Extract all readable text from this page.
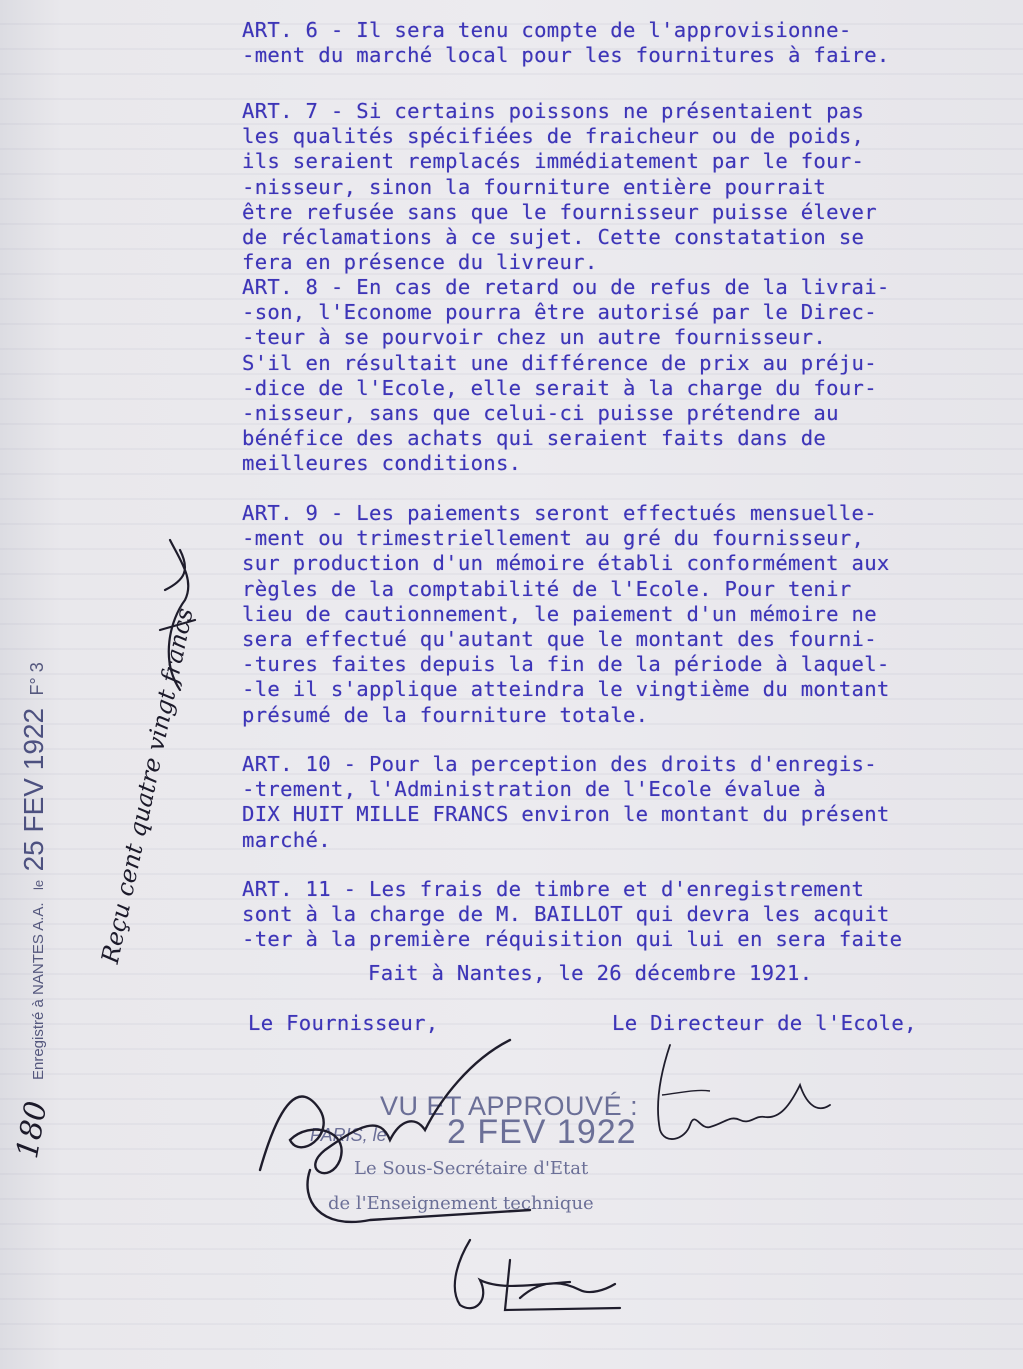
ART. 6 - Il sera tenu compte de l'approvisionne-
-ment du marché local pour les fournitures à faire.
ART. 7 - Si certains poissons ne présentaient pas
les qualités spécifiées de fraicheur ou de poids,
ils seraient remplacés immédiatement par le four-
-nisseur, sinon la fourniture entière pourrait
être refusée sans que le fournisseur puisse élever
de réclamations à ce sujet. Cette constatation se
fera en présence du livreur.
ART. 8 - En cas de retard ou de refus de la livrai-
-son, l'Econome pourra être autorisé par le Direc-
-teur à se pourvoir chez un autre fournisseur.
S'il en résultait une différence de prix au préju-
-dice de l'Ecole, elle serait à la charge du four-
-nisseur, sans que celui-ci puisse prétendre au
bénéfice des achats qui seraient faits dans de
meilleures conditions.
ART. 9 - Les paiements seront effectués mensuelle-
-ment ou trimestriellement au gré du fournisseur,
sur production d'un mémoire établi conformément aux
règles de la comptabilité de l'Ecole. Pour tenir
lieu de cautionnement, le paiement d'un mémoire ne
sera effectué qu'autant que le montant des fourni-
-tures faites depuis la fin de la période à laquel-
-le il s'applique atteindra le vingtième du montant
présumé de la fourniture totale.
ART. 10 - Pour la perception des droits d'enregis-
-trement, l'Administration de l'Ecole évalue à
DIX HUIT MILLE FRANCS environ le montant du présent
marché.
ART. 11 - Les frais de timbre et d'enregistrement
sont à la charge de M. BAILLOT qui devra les acquit
-ter à la première réquisition qui lui en sera faite
Fait à Nantes, le 26 décembre 1921.
Le Fournisseur,	Le Directeur de l'Ecole,
VU ET APPROUVÉ :
PARIS, le 2 FEV 1922
Le Sous-Secrétaire d'Etat
de l'Enseignement technique
Enregistré à NANTES A.A. le 25 FEV 1922 F° 3 Reçu cent quatre vingt francs
180
